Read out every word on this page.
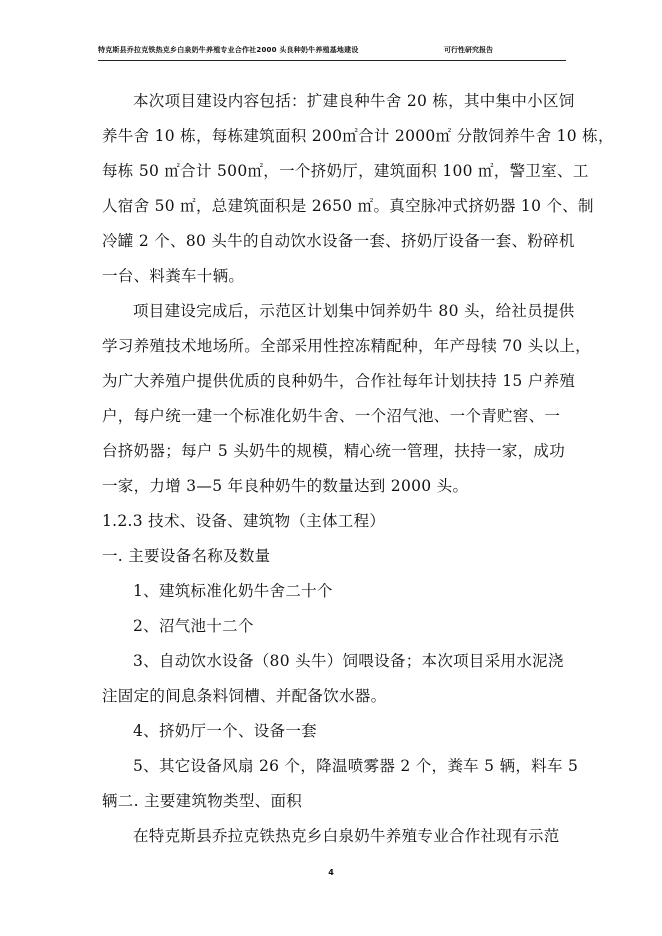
特克斯县乔拉克铁热克乡白泉奶牛养殖专业合作社2000 头良种奶牛养殖基地建设	可行性研究报告
本次项目建设内容包括：扩建良种牛舍 20 栋，其中集中小区饲
养牛舍 10 栋，每栋建筑面积 200㎡合计 2000㎡ 分散饲养牛舍 10 栋，
每栋 50 ㎡合计 500㎡，一个挤奶厅，建筑面积 100 ㎡，警卫室、工
人宿舍 50 ㎡，总建筑面积是 2650 ㎡。真空脉冲式挤奶器 10 个、制
冷罐 2 个、80 头牛的自动饮水设备一套、挤奶厅设备一套、粉碎机
一台、料粪车十辆。
项目建设完成后，示范区计划集中饲养奶牛 80 头，给社员提供
学习养殖技术地场所。全部采用性控冻精配种，年产母犊 70 头以上，
为广大养殖户提供优质的良种奶牛，合作社每年计划扶持 15 户养殖
户，每户统一建一个标准化奶牛舍、一个沼气池、一个青贮窖、一
台挤奶器；每户 5 头奶牛的规模，精心统一管理，扶持一家，成功
一家，力增 3—5 年良种奶牛的数量达到 2000 头。
1.2.3 技术、设备、建筑物（主体工程）
一. 主要设备名称及数量
1、建筑标准化奶牛舍二十个
2、沼气池十二个
3、自动饮水设备（80 头牛）饲喂设备；本次项目采用水泥浇
注固定的间息条料饲槽、并配备饮水器。
4、挤奶厅一个、设备一套
5、其它设备风扇 26 个，降温喷雾器 2 个，粪车 5 辆，料车 5
辆二. 主要建筑物类型、面积
在特克斯县乔拉克铁热克乡白泉奶牛养殖专业合作社现有示范
4
